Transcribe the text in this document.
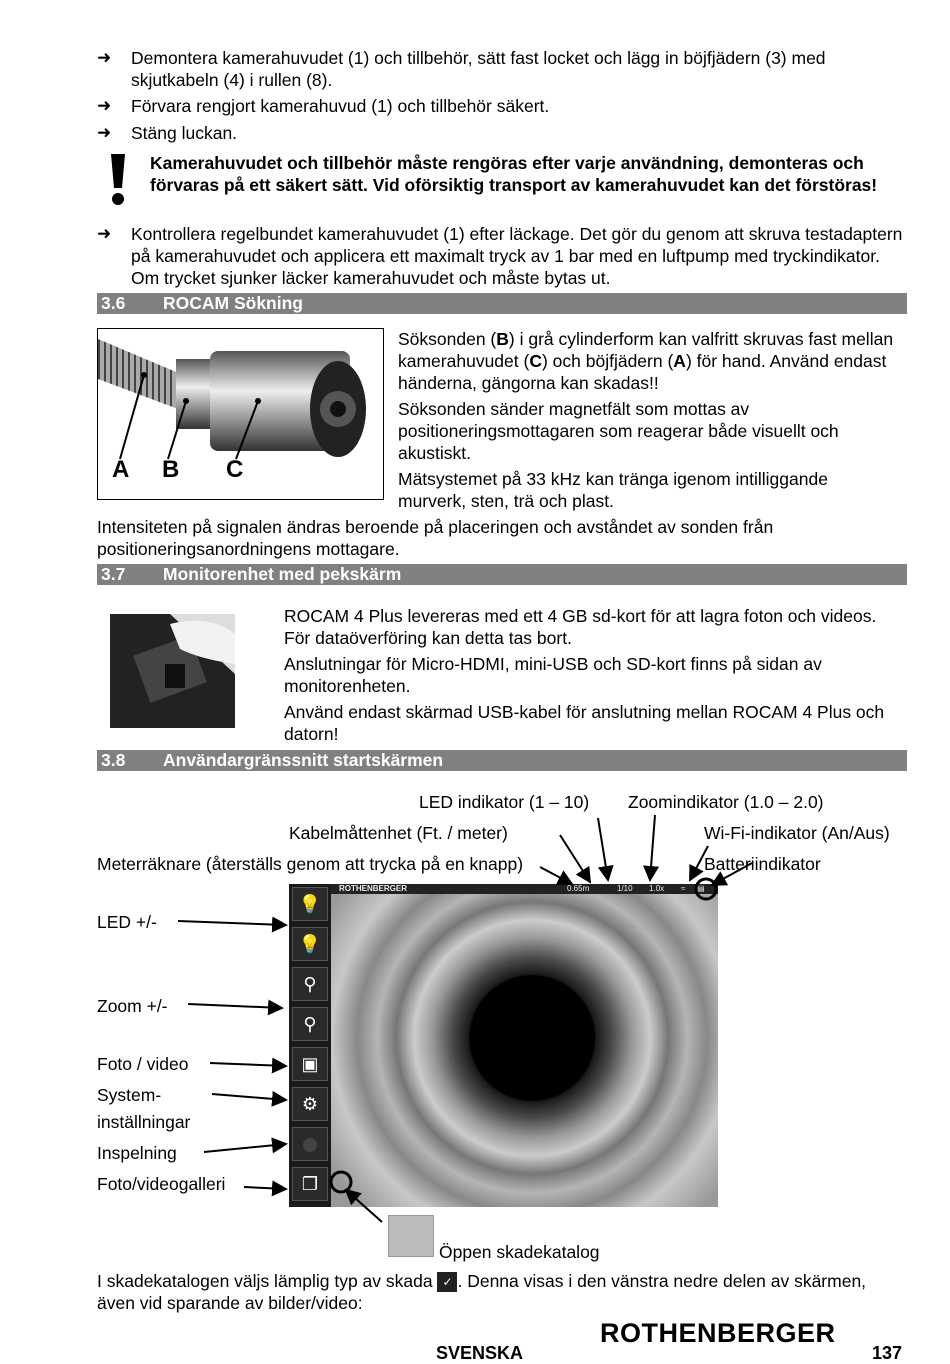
➜	Demontera kamerahuvudet (1) och tillbehör, sätt fast locket och lägg in böjfjädern (3) med skjutkabeln (4) i rullen (8).
➜	Förvara rengjort kamerahuvud (1) och tillbehör säkert.
➜	Stäng luckan.
Kamerahuvudet och tillbehör måste rengöras efter varje användning, demonteras och förvaras på ett säkert sätt. Vid oförsiktig transport av kamerahuvudet kan det förstöras!
➜	Kontrollera regelbundet kamerahuvudet (1) efter läckage. Det gör du genom att skruva testadaptern på kamerahuvudet och applicera ett maximalt tryck av 1 bar med en luftpump med tryckindikator. Om trycket sjunker läcker kamerahuvudet och måste bytas ut.
3.6 ROCAM Sökning
A B C
Söksonden (B) i grå cylinderform kan valfritt skruvas fast mellan kamerahuvudet (C) och böjfjädern (A) för hand. Använd endast händerna, gängorna kan skadas!!
Söksonden sänder magnetfält som mottas av positioneringsmottagaren som reagerar både visuellt och akustiskt.
Mätsystemet på 33 kHz kan tränga igenom intilliggande murverk, sten, trä och plast.
Intensiteten på signalen ändras beroende på placeringen och avståndet av sonden från positioneringsanordningens mottagare.
3.7 Monitorenhet med pekskärm
ROCAM 4 Plus levereras med ett 4 GB sd-kort för att lagra foton och videos. För dataöverföring kan detta tas bort.
Anslutningar för Micro-HDMI, mini-USB och SD-kort finns på sidan av monitorenheten.
Använd endast skärmad USB-kabel för anslutning mellan ROCAM 4 Plus och datorn!
3.8 Användargränssnitt startskärmen
LED indikator (1 – 10) Zoomindikator (1.0 – 2.0)
Kabelmåttenhet (Ft. / meter)	Wi-Fi-indikator (An/Aus)
Meterräknare (återställs genom att trycka på en knapp)	Batteriindikator
LED +/-
Zoom +/-
Foto / video
System-
inställningar
Inspelning
Foto/videogalleri
💡
💡
⚲
⚲
▣
⚙
❐
ROTHENBERGER	0.65m	1/10 1.0x ≈ ▤
Öppen skadekatalog
I skadekatalogen väljs lämplig typ av skada ✓ . Denna visas i den vänstra nedre delen av skärmen, även vid sparande av bilder/video:
SVENSKA
ROTHENBERGER
137
